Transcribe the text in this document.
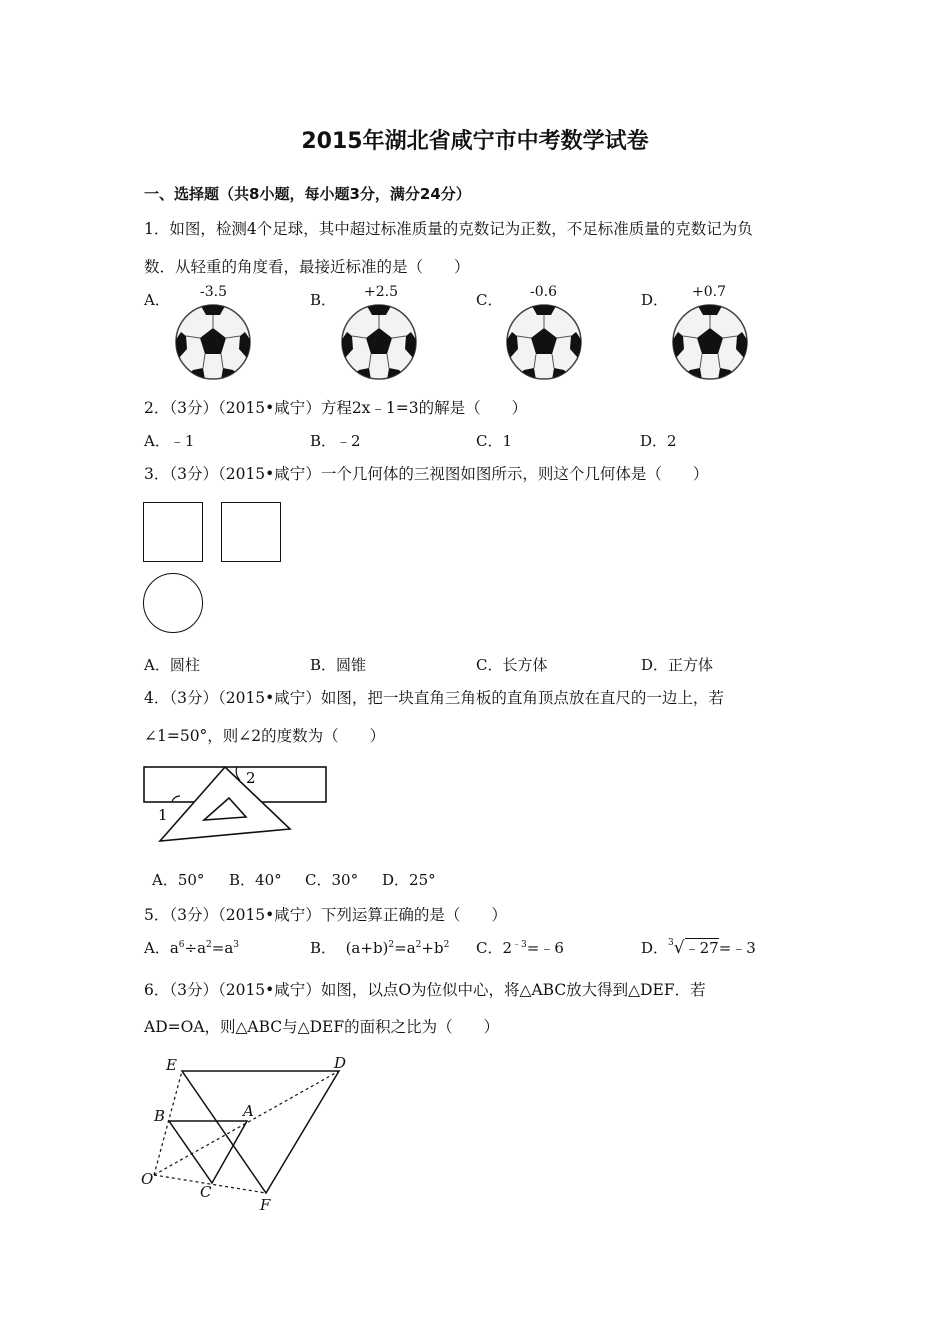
2015年湖北省咸宁市中考数学试卷
一、选择题（共8小题，每小题3分，满分24分）
1．如图，检测4个足球，其中超过标准质量的克数记为正数，不足标准质量的克数记为负
数．从轻重的角度看，最接近标准的是（　　）
A． -3.5	B． +2.5	C． -0.6	D． +0.7
2．（3分）（2015•咸宁）方程2x﹣1=3的解是（　　）
A．﹣1	B．﹣2	C．1	D．2
3．（3分）（2015•咸宁）一个几何体的三视图如图所示，则这个几何体是（　　）
A．圆柱	B．圆锥	C．长方体	D．正方体
4．（3分）（2015•咸宁）如图，把一块直角三角板的直角顶点放在直尺的一边上，若
∠1=50°，则∠2的度数为（　　）
1
2
A．50° B．40° C．30° D．25°
5．（3分）（2015•咸宁）下列运算正确的是（　　）
A．$a^6\div a^2=a^3$	B． $(a+b)^2=a^2+b^2$ C．$2^{﹣3}=﹣6$	D．$^3$√﹣27=﹣3
6．（3分）（2015•咸宁）如图，以点O为位似中心，将△ABC放大得到△DEF．若
AD=OA，则△ABC与△DEF的面积之比为（　　）
E	D
B	A
O
C
F
